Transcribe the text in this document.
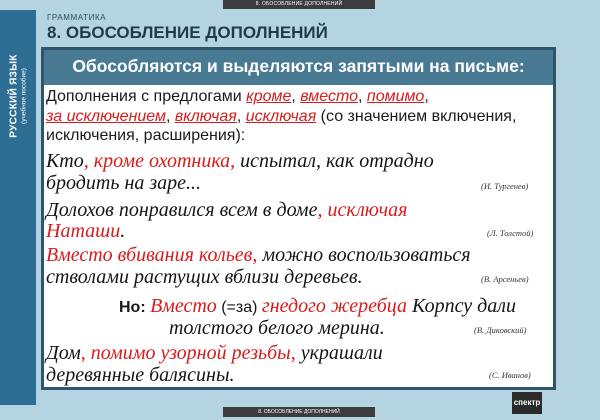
8. ОБОСОБЛЕНИЕ ДОПОЛНЕНИЙ
РУССКИЙ ЯЗЫК (учебное пособие)
ГРАММАТИКА
8. ОБОСОБЛЕНИЕ ДОПОЛНЕНИЙ
Обособляются и выделяются запятыми на письме:
Дополнения с предлогами кроме, вместо, помимо,
за исключением, включая, исключая (со значением включения, исключения, расширения):
Кто, кроме охотника, испытал, как отрадно
бродить на заре...	(И. Тургенев)
Долохов понравился всем в доме, исключая
Наташи.	(Л. Толстой)
Вместо вбивания кольев, можно воспользоваться
стволами растущих вблизи деревьев.	(В. Арсеньев)
Но: Вместо (=за) гнедого жеребца Корпсу дали
толстого белого мерина.	(В. Диковский)
Дом, помимо узорной резьбы, украшали
деревянные балясины.	(С. Иванов)
8. ОБОСОБЛЕНИЕ ДОПОЛНЕНИЙ
спектр
